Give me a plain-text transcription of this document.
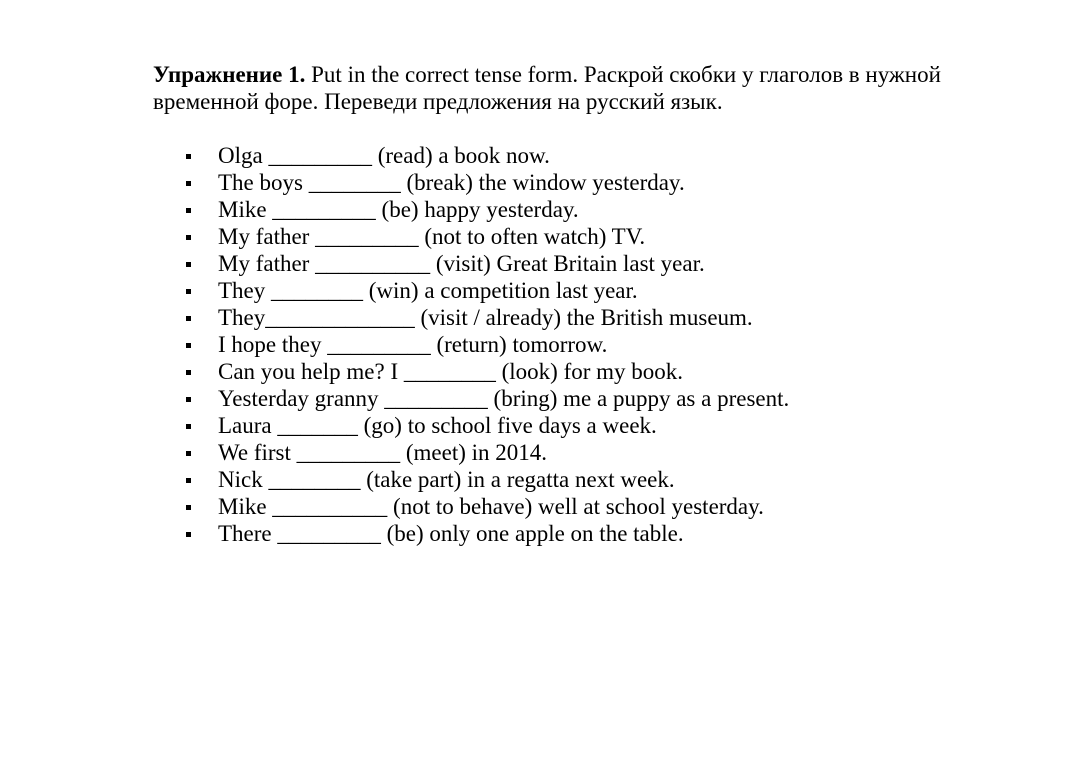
Упражнение 1. Put in the correct tense form. Раскрой скобки у глаголов в нужной временной форе. Переведи предложения на русский язык.
Olga _________ (read) a book now.
The boys ________ (break) the window yesterday.
Mike _________ (be) happy yesterday.
My father _________ (not to often watch) TV.
My father __________ (visit) Great Britain last year.
They ________ (win) a competition last year.
They_____________ (visit / already) the British museum.
I hope they _________ (return) tomorrow.
Can you help me? I ________ (look) for my book.
Yesterday granny _________ (bring) me a puppy as a present.
Laura _______ (go) to school five days a week.
We first _________ (meet) in 2014.
Nick ________ (take part) in a regatta next week.
Mike __________ (not to behave) well at school yesterday.
There _________ (be) only one apple on the table.
